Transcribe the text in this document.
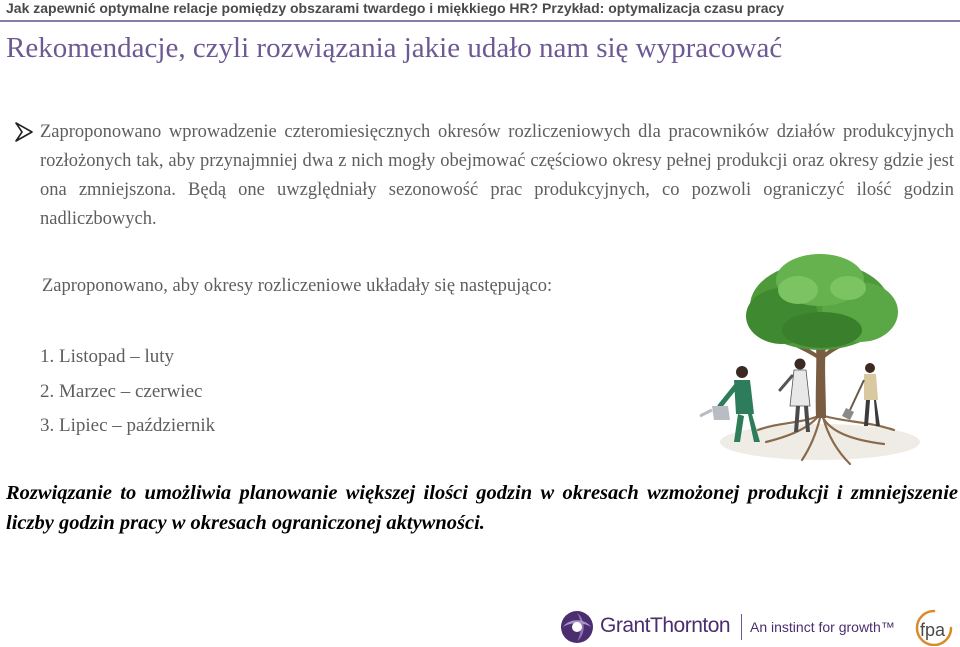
Jak zapewnić optymalne relacje pomiędzy obszarami twardego i miękkiego HR? Przykład: optymalizacja czasu pracy
Rekomendacje, czyli rozwiązania jakie udało nam się wypracować
Zaproponowano wprowadzenie czteromiesięcznych okresów rozliczeniowych dla pracowników działów produkcyjnych rozłożonych tak, aby przynajmniej dwa z nich mogły obejmować częściowo okresy pełnej produkcji oraz okresy gdzie jest ona zmniejszona. Będą one uwzględniały sezonowość prac produkcyjnych, co pozwoli ograniczyć ilość godzin nadliczbowych.
Zaproponowano, aby okresy rozliczeniowe układały się następująco:
1. Listopad – luty
2. Marzec – czerwiec
3. Lipiec – październik
Rozwiązanie to umożliwia planowanie większej ilości godzin w okresach wzmożonej produkcji i zmniejszenie liczby godzin pracy w okresach ograniczonej aktywności.
GrantThornton An instinct for growth™ fpa
